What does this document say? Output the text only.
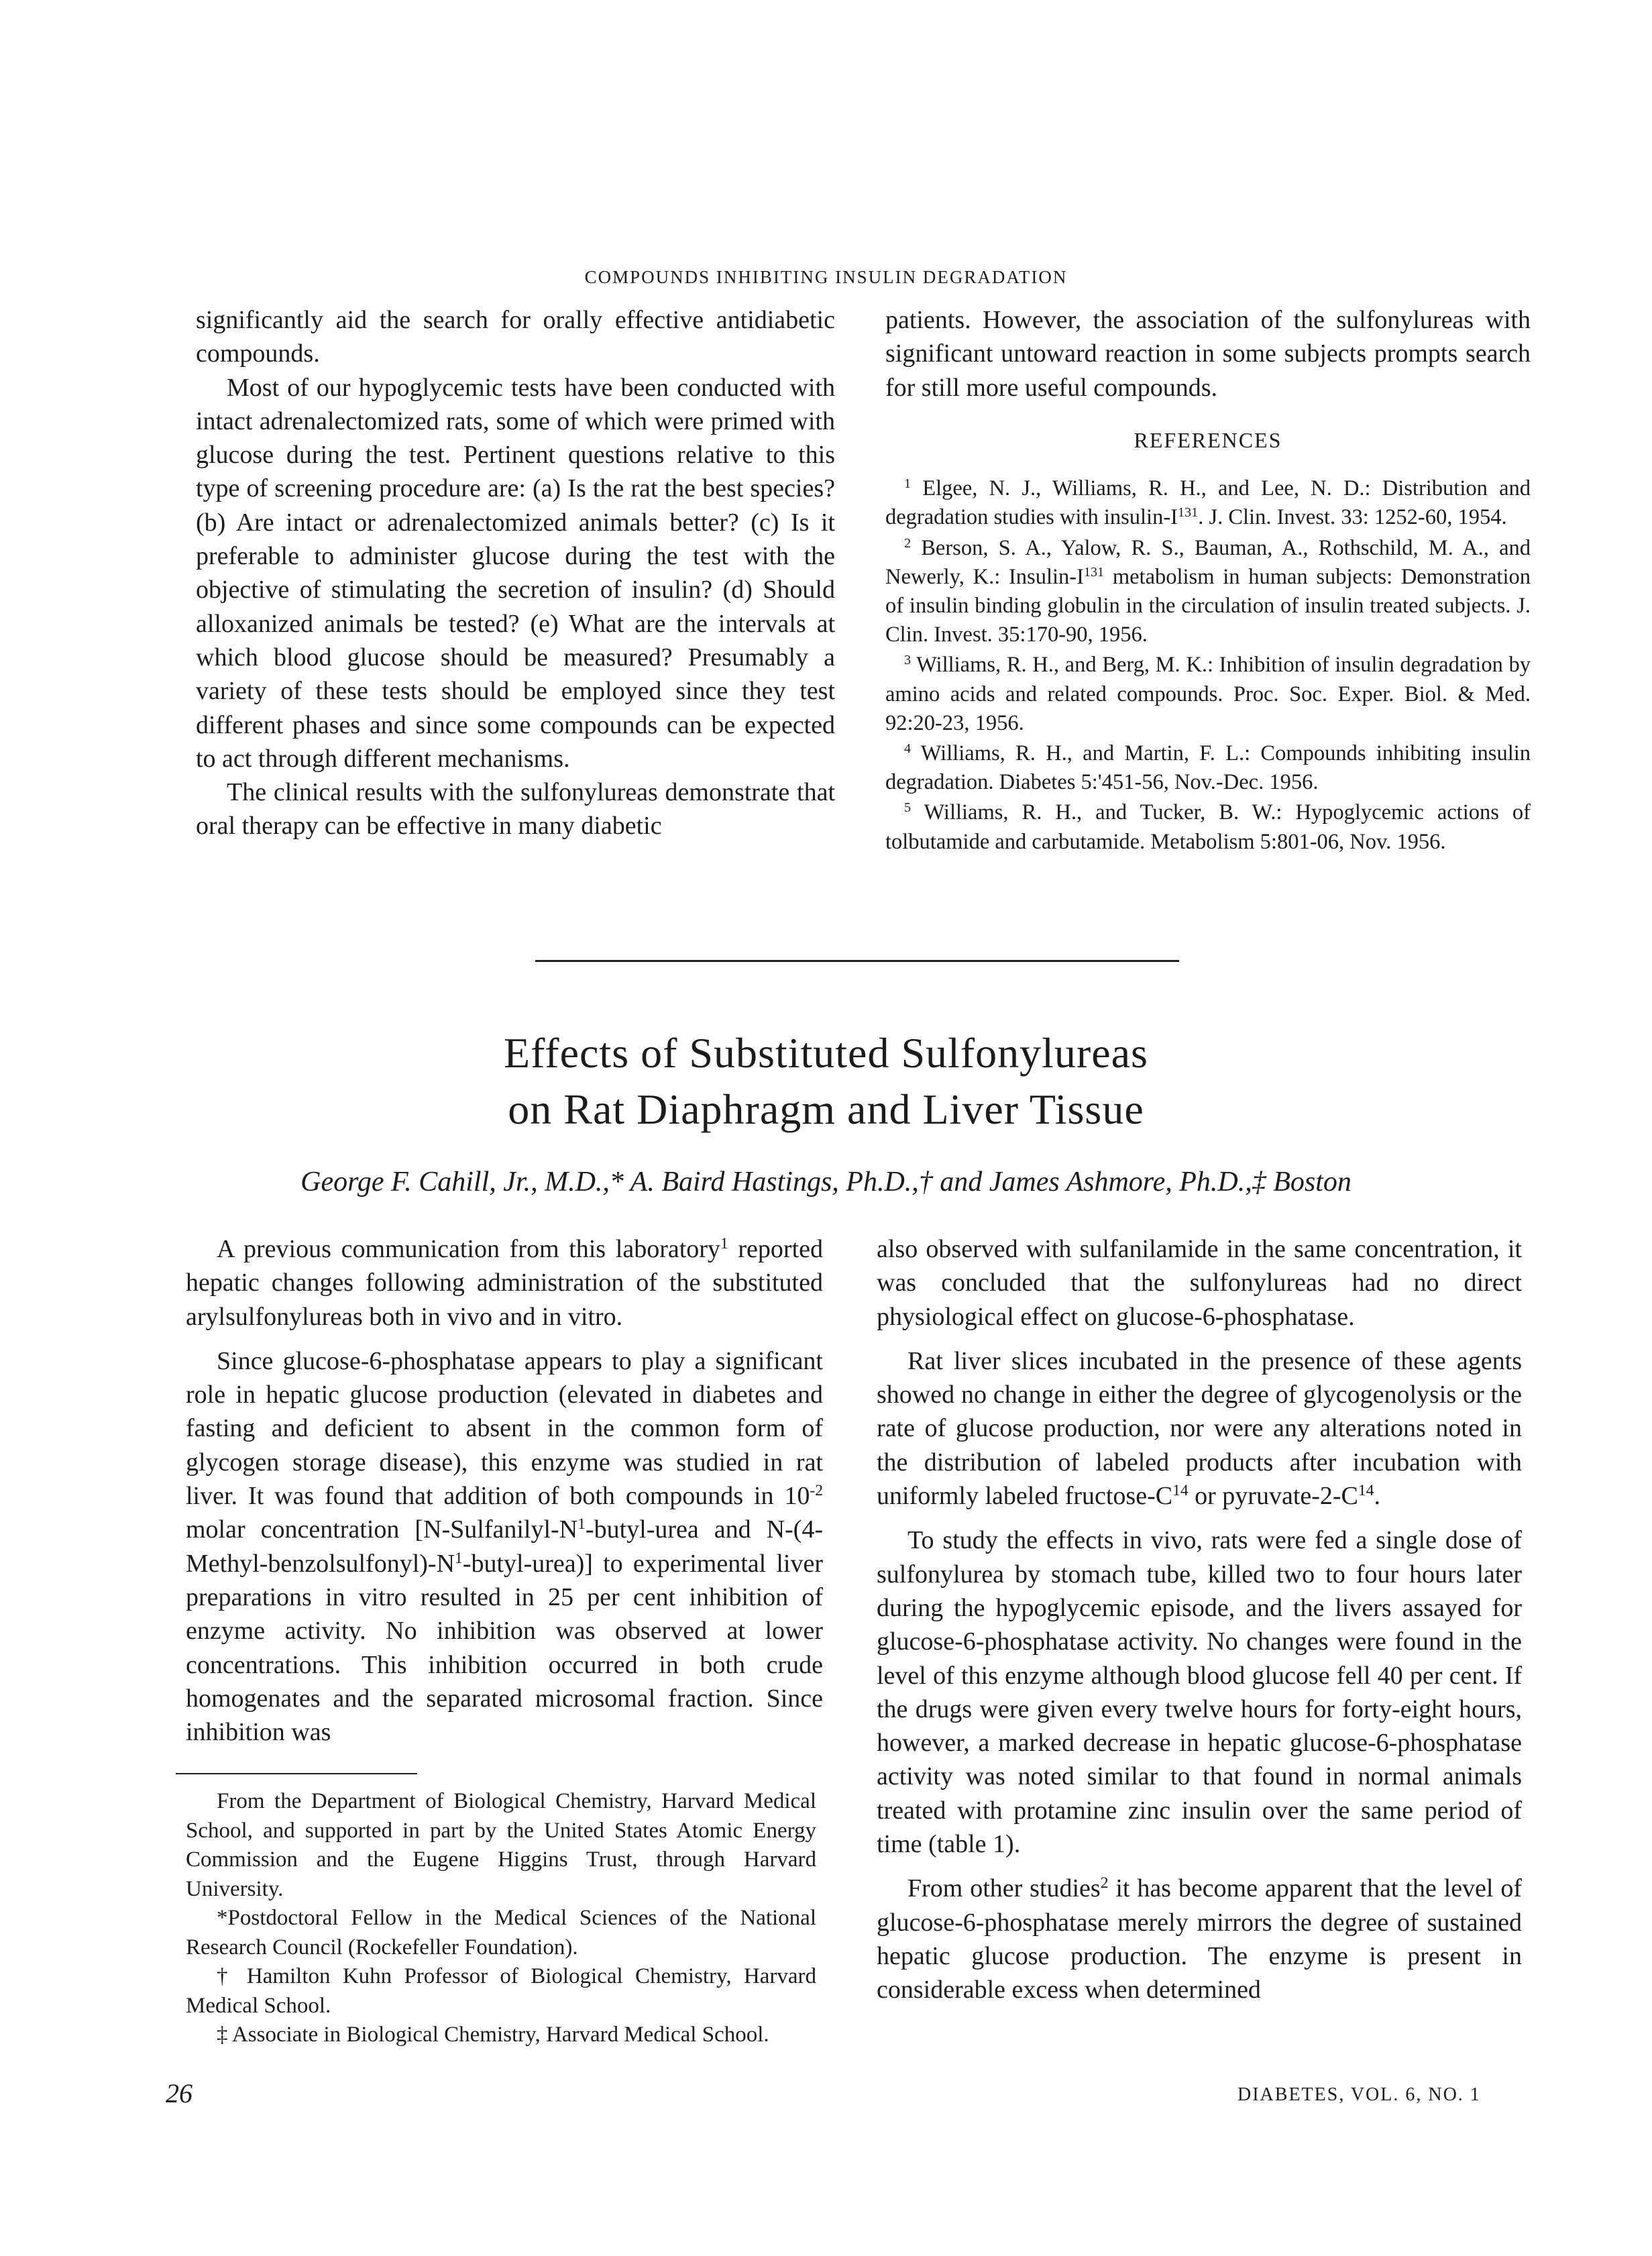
COMPOUNDS INHIBITING INSULIN DEGRADATION

significantly aid the search for orally effective antidiabetic compounds.

Most of our hypoglycemic tests have been conducted with intact adrenalectomized rats, some of which were primed with glucose during the test. Pertinent questions relative to this type of screening procedure are: (a) Is the rat the best species? (b) Are intact or adrenalectomized animals better? (c) Is it preferable to administer glucose during the test with the objective of stimulating the secretion of insulin? (d) Should alloxanized animals be tested? (e) What are the intervals at which blood glucose should be measured? Presumably a variety of these tests should be employed since they test different phases and since some compounds can be expected to act through different mechanisms.

The clinical results with the sulfonylureas demonstrate that oral therapy can be effective in many diabetic

patients. However, the association of the sulfonylureas with significant untoward reaction in some subjects prompts search for still more useful compounds.

REFERENCES

$^1$ Elgee, N. J., Williams, R. H., and Lee, N. D.: Distribution and degradation studies with insulin-$I^{131}$. J. Clin. Invest. 33: 1252-60, 1954.

$^2$ Berson, S. A., Yalow, R. S., Bauman, A., Rothschild, M. A., and Newerly, K.: Insulin-$I^{131}$ metabolism in human subjects: Demonstration of insulin binding globulin in the circulation of insulin treated subjects. J. Clin. Invest. 35:170-90, 1956.

$^3$ Williams, R. H., and Berg, M. K.: Inhibition of insulin degradation by amino acids and related compounds. Proc. Soc. Exper. Biol. & Med. 92:20-23, 1956.

$^4$ Williams, R. H., and Martin, F. L.: Compounds inhibiting insulin degradation. Diabetes 5:'451-56, Nov.-Dec. 1956.

$^5$ Williams, R. H., and Tucker, B. W.: Hypoglycemic actions of tolbutamide and carbutamide. Metabolism 5:801-06, Nov. 1956.

Effects of Substituted Sulfonylureas
on Rat Diaphragm and Liver Tissue
George F. Cahill, Jr., M.D.,* A. Baird Hastings, Ph.D.,† and James Ashmore, Ph.D.,‡ Boston

A previous communication from this laboratory$^1$ reported hepatic changes following administration of the substituted arylsulfonylureas both in vivo and in vitro.

Since glucose-6-phosphatase appears to play a significant role in hepatic glucose production (elevated in diabetes and fasting and deficient to absent in the common form of glycogen storage disease), this enzyme was studied in rat liver. It was found that addition of both compounds in $10^{-2}$ molar concentration [$N-Sulfanilyl-N^1-butyl$-urea and $N-(4-Methyl-benzolsulfonyl)-N^1-butyl-urea$)] to experimental liver preparations in vitro resulted in 25 per cent inhibition of enzyme activity. No inhibition was observed at lower concentrations. This inhibition occurred in both crude homogenates and the separated microsomal fraction. Since inhibition was

also observed with sulfanilamide in the same concentration, it was concluded that the sulfonylureas had no direct physiological effect on glucose-6-phosphatase.

Rat liver slices incubated in the presence of these agents showed no change in either the degree of glycogenolysis or the rate of glucose production, nor were any alterations noted in the distribution of labeled products after incubation with uniformly labeled fructose-$C^{14}$ or pyruvate-$2-C^{14}$.

To study the effects in vivo, rats were fed a single dose of sulfonylurea by stomach tube, killed two to four hours later during the hypoglycemic episode, and the livers assayed for glucose-6-phosphatase activity. No changes were found in the level of this enzyme although blood glucose fell 40 per cent. If the drugs were given every twelve hours for forty-eight hours, however, a marked decrease in hepatic glucose-6-phosphatase activity was noted similar to that found in normal animals treated with protamine zinc insulin over the same period of time (table 1).

From other studies$^2$ it has become apparent that the level of glucose-6-phosphatase merely mirrors the degree of sustained hepatic glucose production. The enzyme is present in considerable excess when determined

From the Department of Biological Chemistry, Harvard Medical School, and supported in part by the United States Atomic Energy Commission and the Eugene Higgins Trust, through Harvard University.

*Postdoctoral Fellow in the Medical Sciences of the National Research Council (Rockefeller Foundation).

† Hamilton Kuhn Professor of Biological Chemistry, Harvard Medical School.

‡ Associate in Biological Chemistry, Harvard Medical School.

26	DIABETES, VOL. 6, NO. 1
